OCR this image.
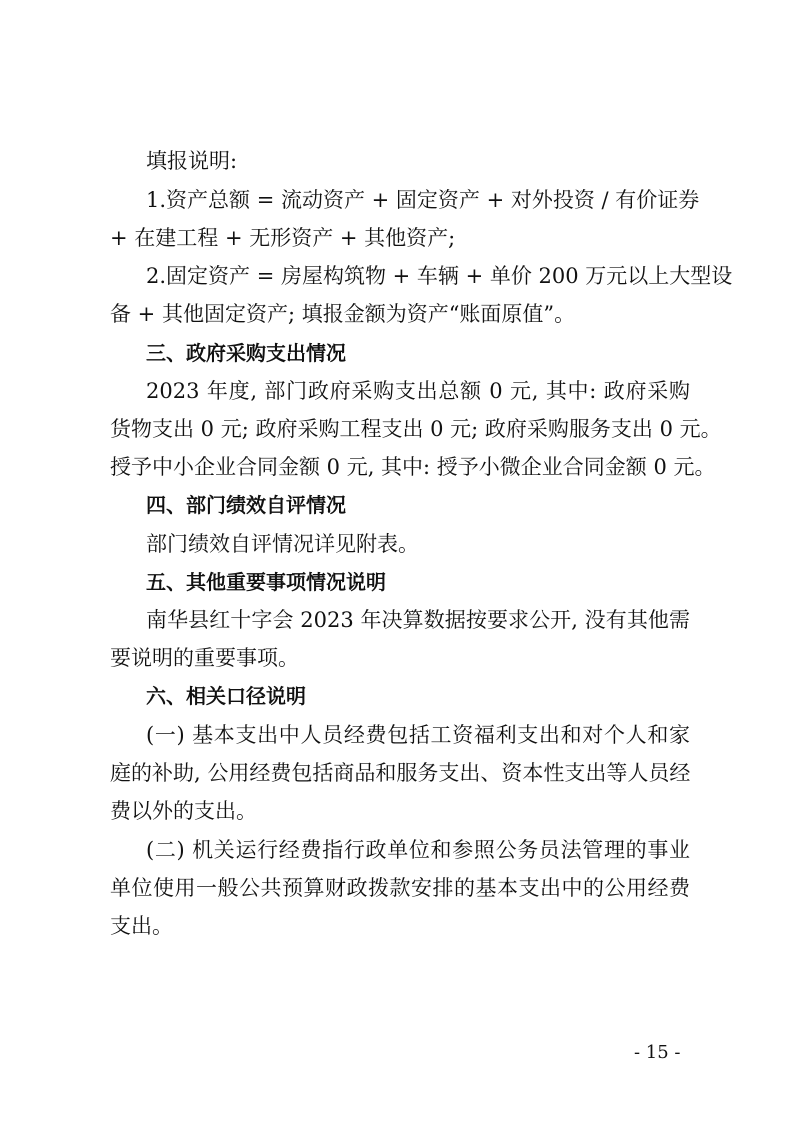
填报说明:
1.资产总额 = 流动资产 + 固定资产 + 对外投资 / 有价证券
+ 在建工程 + 无形资产 + 其他资产;
2.固定资产 = 房屋构筑物 + 车辆 + 单价 200 万元以上大型设
备 + 其他固定资产; 填报金额为资产“账面原值”。
三、政府采购支出情况
2023 年度, 部门政府采购支出总额 0 元, 其中: 政府采购
货物支出 0 元; 政府采购工程支出 0 元; 政府采购服务支出 0 元。
授予中小企业合同金额 0 元, 其中: 授予小微企业合同金额 0 元。
四、部门绩效自评情况
部门绩效自评情况详见附表。
五、其他重要事项情况说明
南华县红十字会 2023 年决算数据按要求公开, 没有其他需
要说明的重要事项。
六、相关口径说明
(一) 基本支出中人员经费包括工资福利支出和对个人和家
庭的补助, 公用经费包括商品和服务支出、资本性支出等人员经
费以外的支出。
(二) 机关运行经费指行政单位和参照公务员法管理的事业
单位使用一般公共预算财政拨款安排的基本支出中的公用经费
支出。
- 15 -
